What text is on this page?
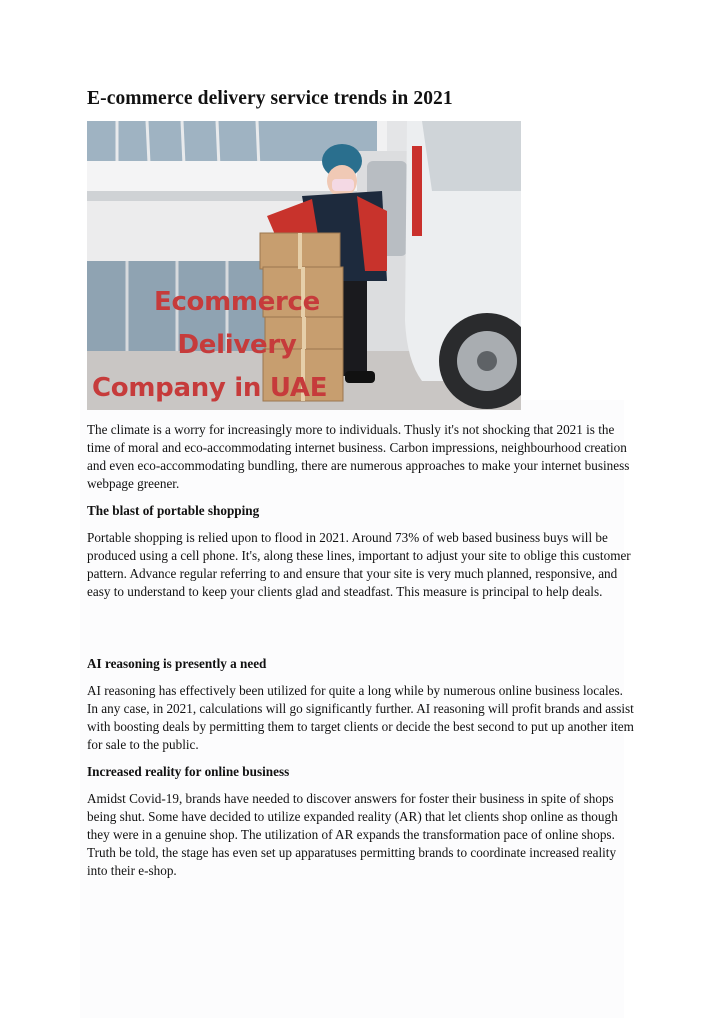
E-commerce delivery service trends in 2021
Ecommerce
Delivery
Company in UAE

The climate is a worry for increasingly more to individuals. Thusly it's not shocking that 2021 is the time of moral and eco-accommodating internet business. Carbon impressions, neighbourhood creation and even eco-accommodating bundling, there are numerous approaches to make your internet business webpage greener.

The blast of portable shopping

Portable shopping is relied upon to flood in 2021. Around 73% of web based business buys will be produced using a cell phone. It's, along these lines, important to adjust your site to oblige this customer pattern. Advance regular referring to and ensure that your site is very much planned, responsive, and easy to understand to keep your clients glad and steadfast. This measure is principal to help deals.

AI reasoning is presently a need

AI reasoning has effectively been utilized for quite a long while by numerous online business locales. In any case, in 2021, calculations will go significantly further. AI reasoning will profit brands and assist with boosting deals by permitting them to target clients or decide the best second to put up another item for sale to the public.

Increased reality for online business

Amidst Covid-19, brands have needed to discover answers for foster their business in spite of shops being shut. Some have decided to utilize expanded reality (AR) that let clients shop online as though they were in a genuine shop. The utilization of AR expands the transformation pace of online shops. Truth be told, the stage has even set up apparatuses permitting brands to coordinate increased reality into their e-shop.
